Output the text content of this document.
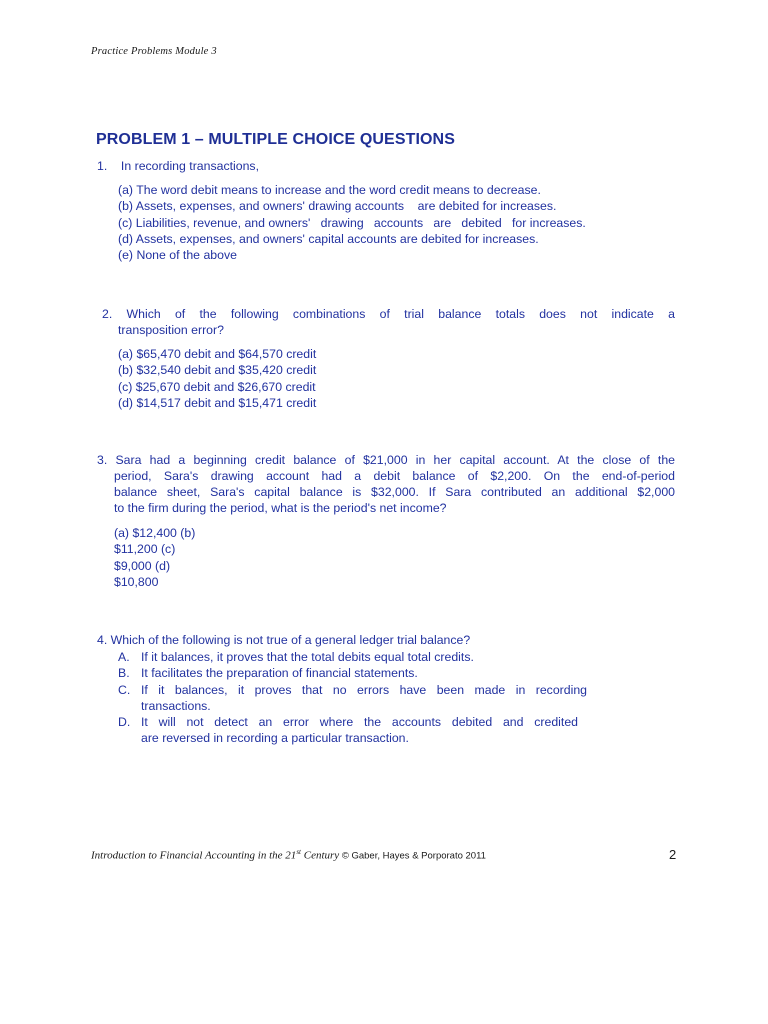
Practice Problems Module 3
PROBLEM 1 – MULTIPLE CHOICE QUESTIONS
1.    In recording transactions,
(a) The word debit means to increase and the word credit means to decrease.
(b) Assets, expenses, and owners' drawing accounts    are debited for increases.
(c) Liabilities, revenue, and owners'   drawing   accounts   are   debited   for increases.
(d) Assets, expenses, and owners' capital accounts are debited for increases.
(e) None of the above
2. Which of the following combinations of trial balance totals does not indicate a
transposition error?
(a) $65,470 debit and $64,570 credit
(b) $32,540 debit and $35,420 credit
(c) $25,670 debit and $26,670 credit
(d) $14,517 debit and $15,471 credit
3. Sara had a beginning credit balance of $21,000 in her capital account. At the close of the
period, Sara's drawing account had a debit balance of $2,200. On the end-of-period
balance sheet, Sara's capital balance is $32,000. If Sara contributed an additional $2,000
to the firm during the period, what is the period's net income?
(a) $12,400 (b)
$11,200 (c)
$9,000 (d)
$10,800
4. Which of the following is not true of a general ledger trial balance?
A. If it balances, it proves that the total debits equal total credits.
B. It facilitates the preparation of financial statements.
C. If it balances, it proves that no errors have been made in recording
transactions.
D. It will not detect an error where the accounts debited and credited
are reversed in recording a particular transaction.
Introduction to Financial Accounting in the 21st Century © Gaber, Hayes & Porporato 2011	2
